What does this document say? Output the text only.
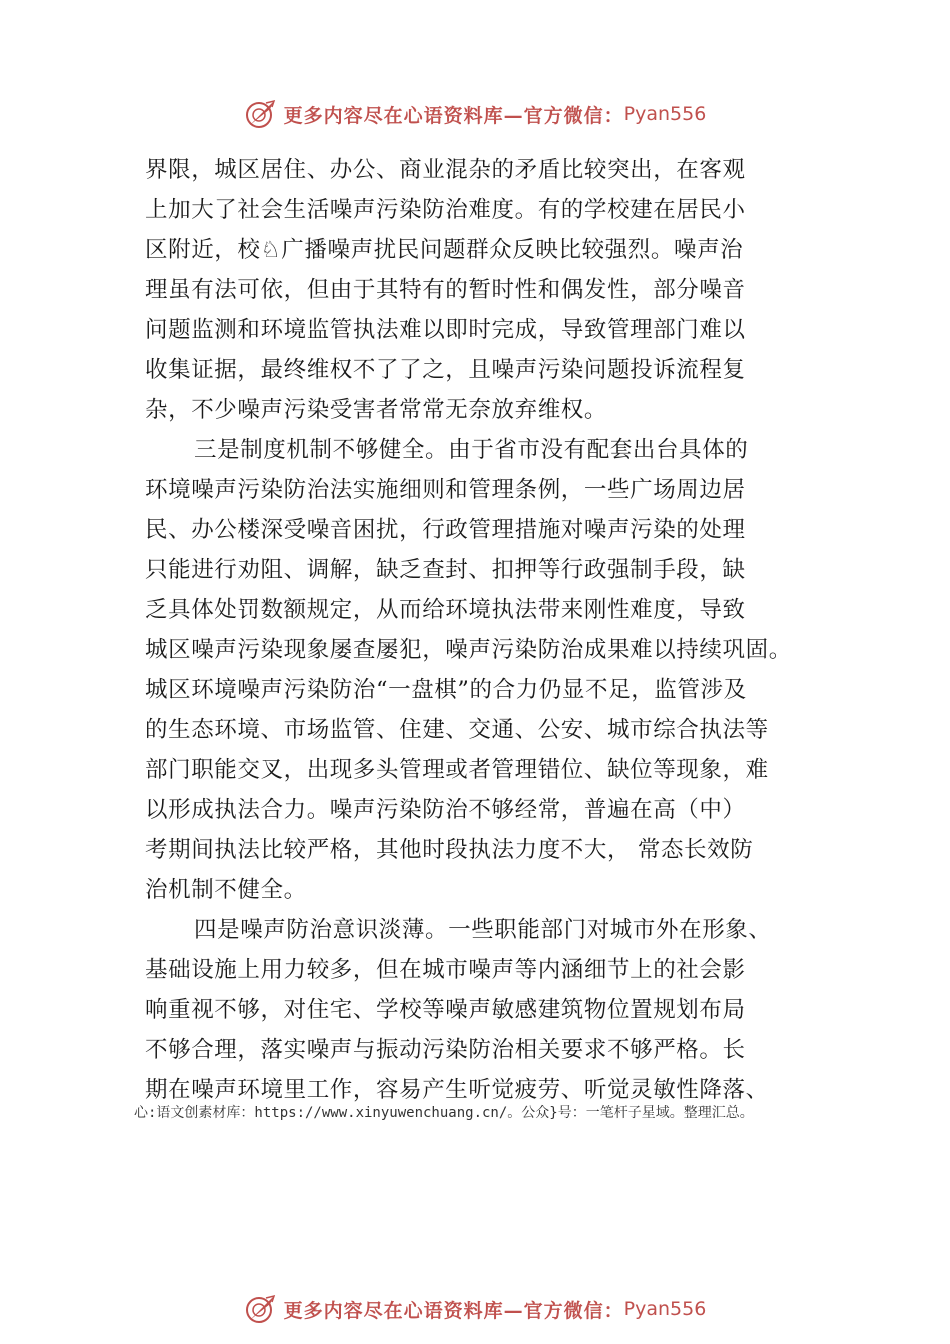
更多内容尽在心语资料库—官方微信： Pyan556
界限，城区居住、办公、商业混杂的矛盾比较突出，在客观
上加大了社会生活噪声污染防治难度。有的学校建在居民小
区附近，校♘广播噪声扰民问题群众反映比较强烈。噪声治
理虽有法可依，但由于其特有的暂时性和偶发性，部分噪音
问题监测和环境监管执法难以即时完成，导致管理部门难以
收集证据，最终维权不了了之，且噪声污染问题投诉流程复
杂，不少噪声污染受害者常常无奈放弃维权。
三是制度机制不够健全。由于省市没有配套出台具体的
环境噪声污染防治法实施细则和管理条例，一些广场周边居
民、办公楼深受噪音困扰，行政管理措施对噪声污染的处理
只能进行劝阻、调解，缺乏查封、扣押等行政强制手段，缺
乏具体处罚数额规定，从而给环境执法带来刚性难度，导致
城区噪声污染现象屡查屡犯，噪声污染防治成果难以持续巩固。
城区环境噪声污染防治“一盘棋”的合力仍显不足，监管涉及
的生态环境、市场监管、住建、交通、公安、城市综合执法等
部门职能交叉，出现多头管理或者管理错位、缺位等现象，难
以形成执法合力。噪声污染防治不够经常，普遍在高（中）
考期间执法比较严格，其他时段执法力度不大， 常态长效防
治机制不健全。
四是噪声防治意识淡薄。一些职能部门对城市外在形象、
基础设施上用力较多，但在城市噪声等内涵细节上的社会影
响重视不够，对住宅、学校等噪声敏感建筑物位置规划布局
不够合理，落实噪声与振动污染防治相关要求不够严格。长
期在噪声环境里工作，容易产生听觉疲劳、听觉灵敏性降落、
心:语文创素材库：https://www.xinyuwenchuang.cn/。公众}号：一笔杆子星域。整理汇总。
更多内容尽在心语资料库—官方微信： Pyan556
